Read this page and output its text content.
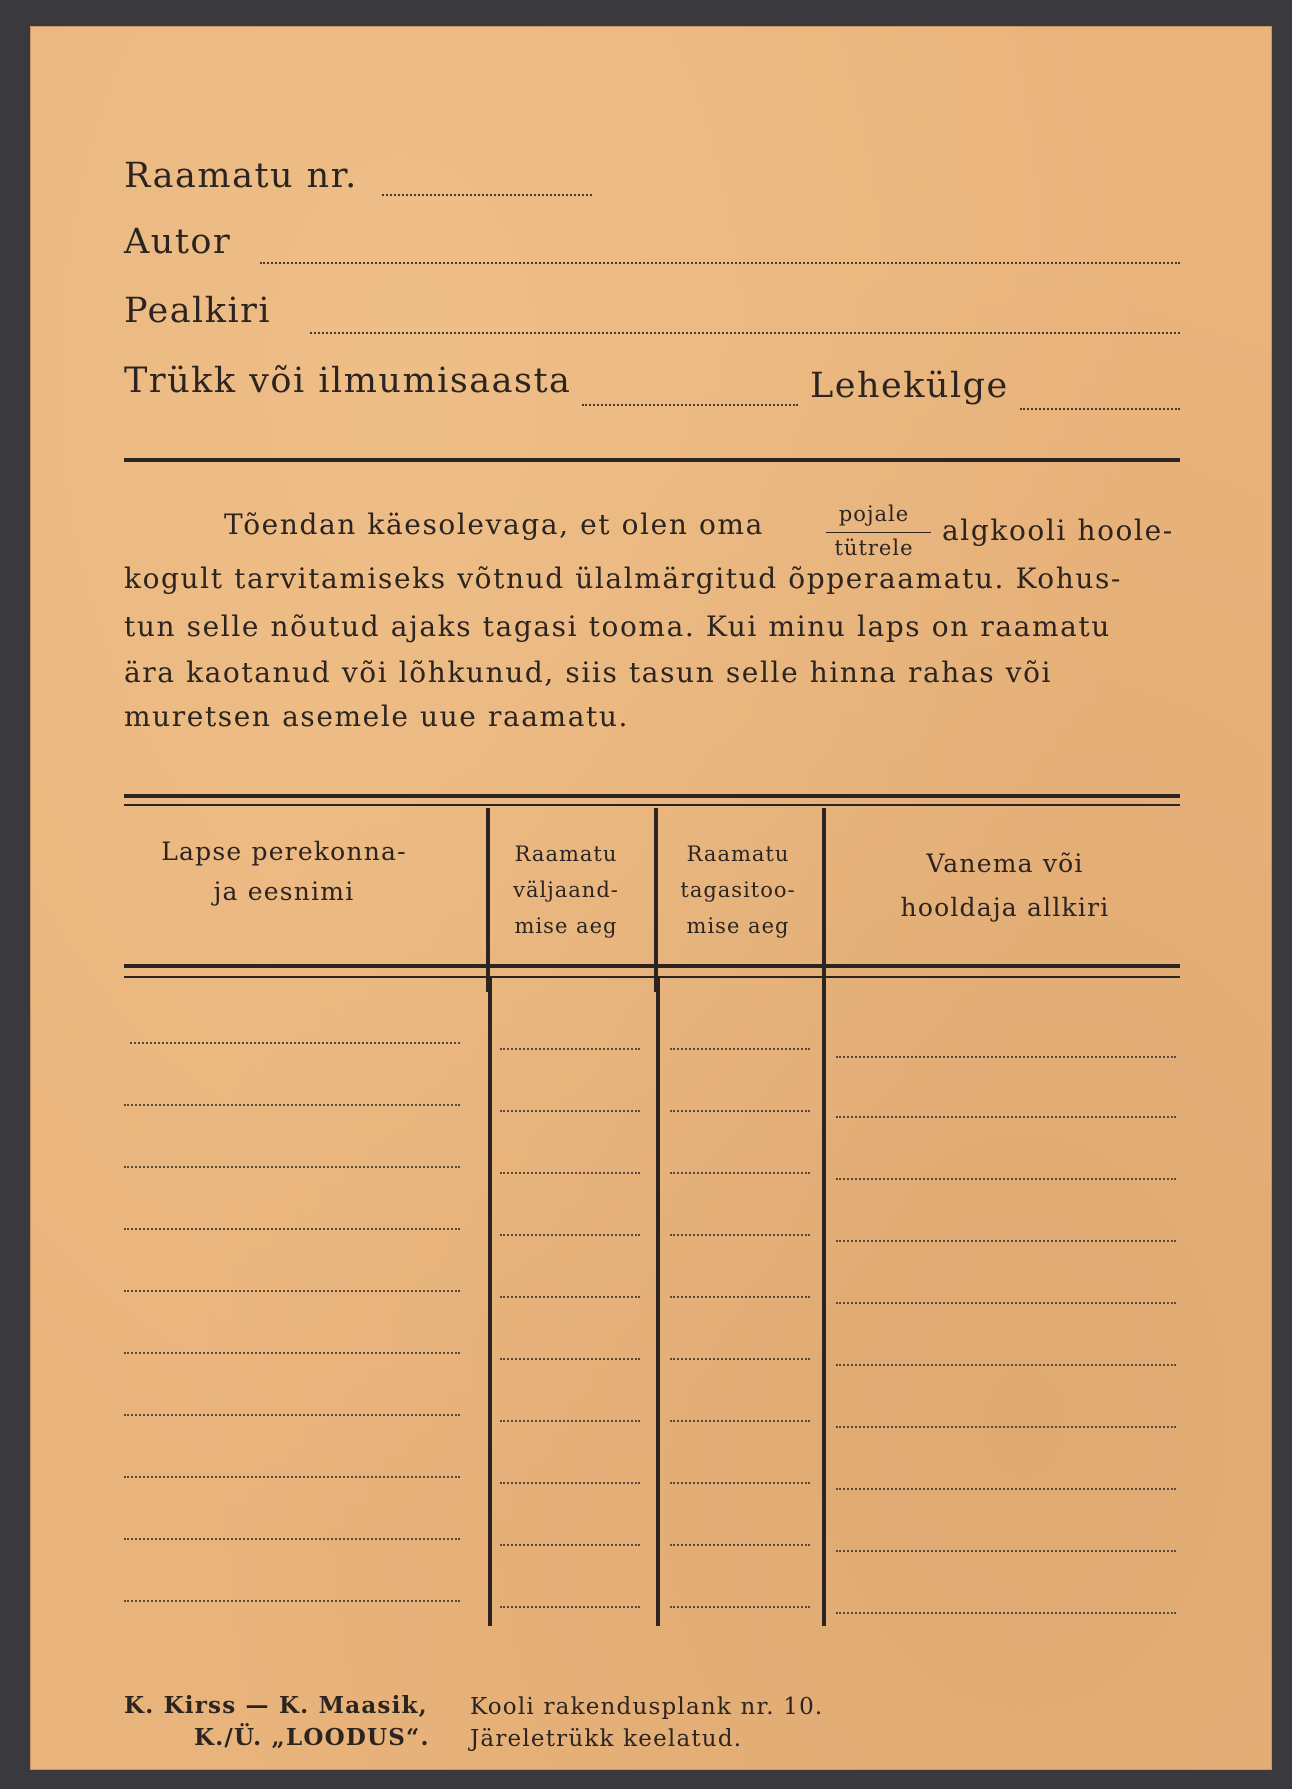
Raamatu nr.
Autor
Pealkiri
Trükk või ilmumisaasta	Lehekülge
Tõendan käesolevaga, et olen oma	pojale
tütrele
algkooli hoole-
kogult tarvitamiseks võtnud ülalmärgitud õpperaamatu. Kohus-
tun selle nõutud ajaks tagasi tooma. Kui minu laps on raamatu
ära kaotanud või lõhkunud, siis tasun selle hinna rahas või
muretsen asemele uue raamatu.
Lapse perekonna-
ja eesnimi
Raamatu
väljaand-
mise aeg
Raamatu
tagasitoo-
mise aeg
Vanema või
hooldaja allkiri
K. Kirss — K. Maasik, Kooli rakendusplank nr. 10.
K./Ü. „LOODUS“. Järeletrükk keelatud.
